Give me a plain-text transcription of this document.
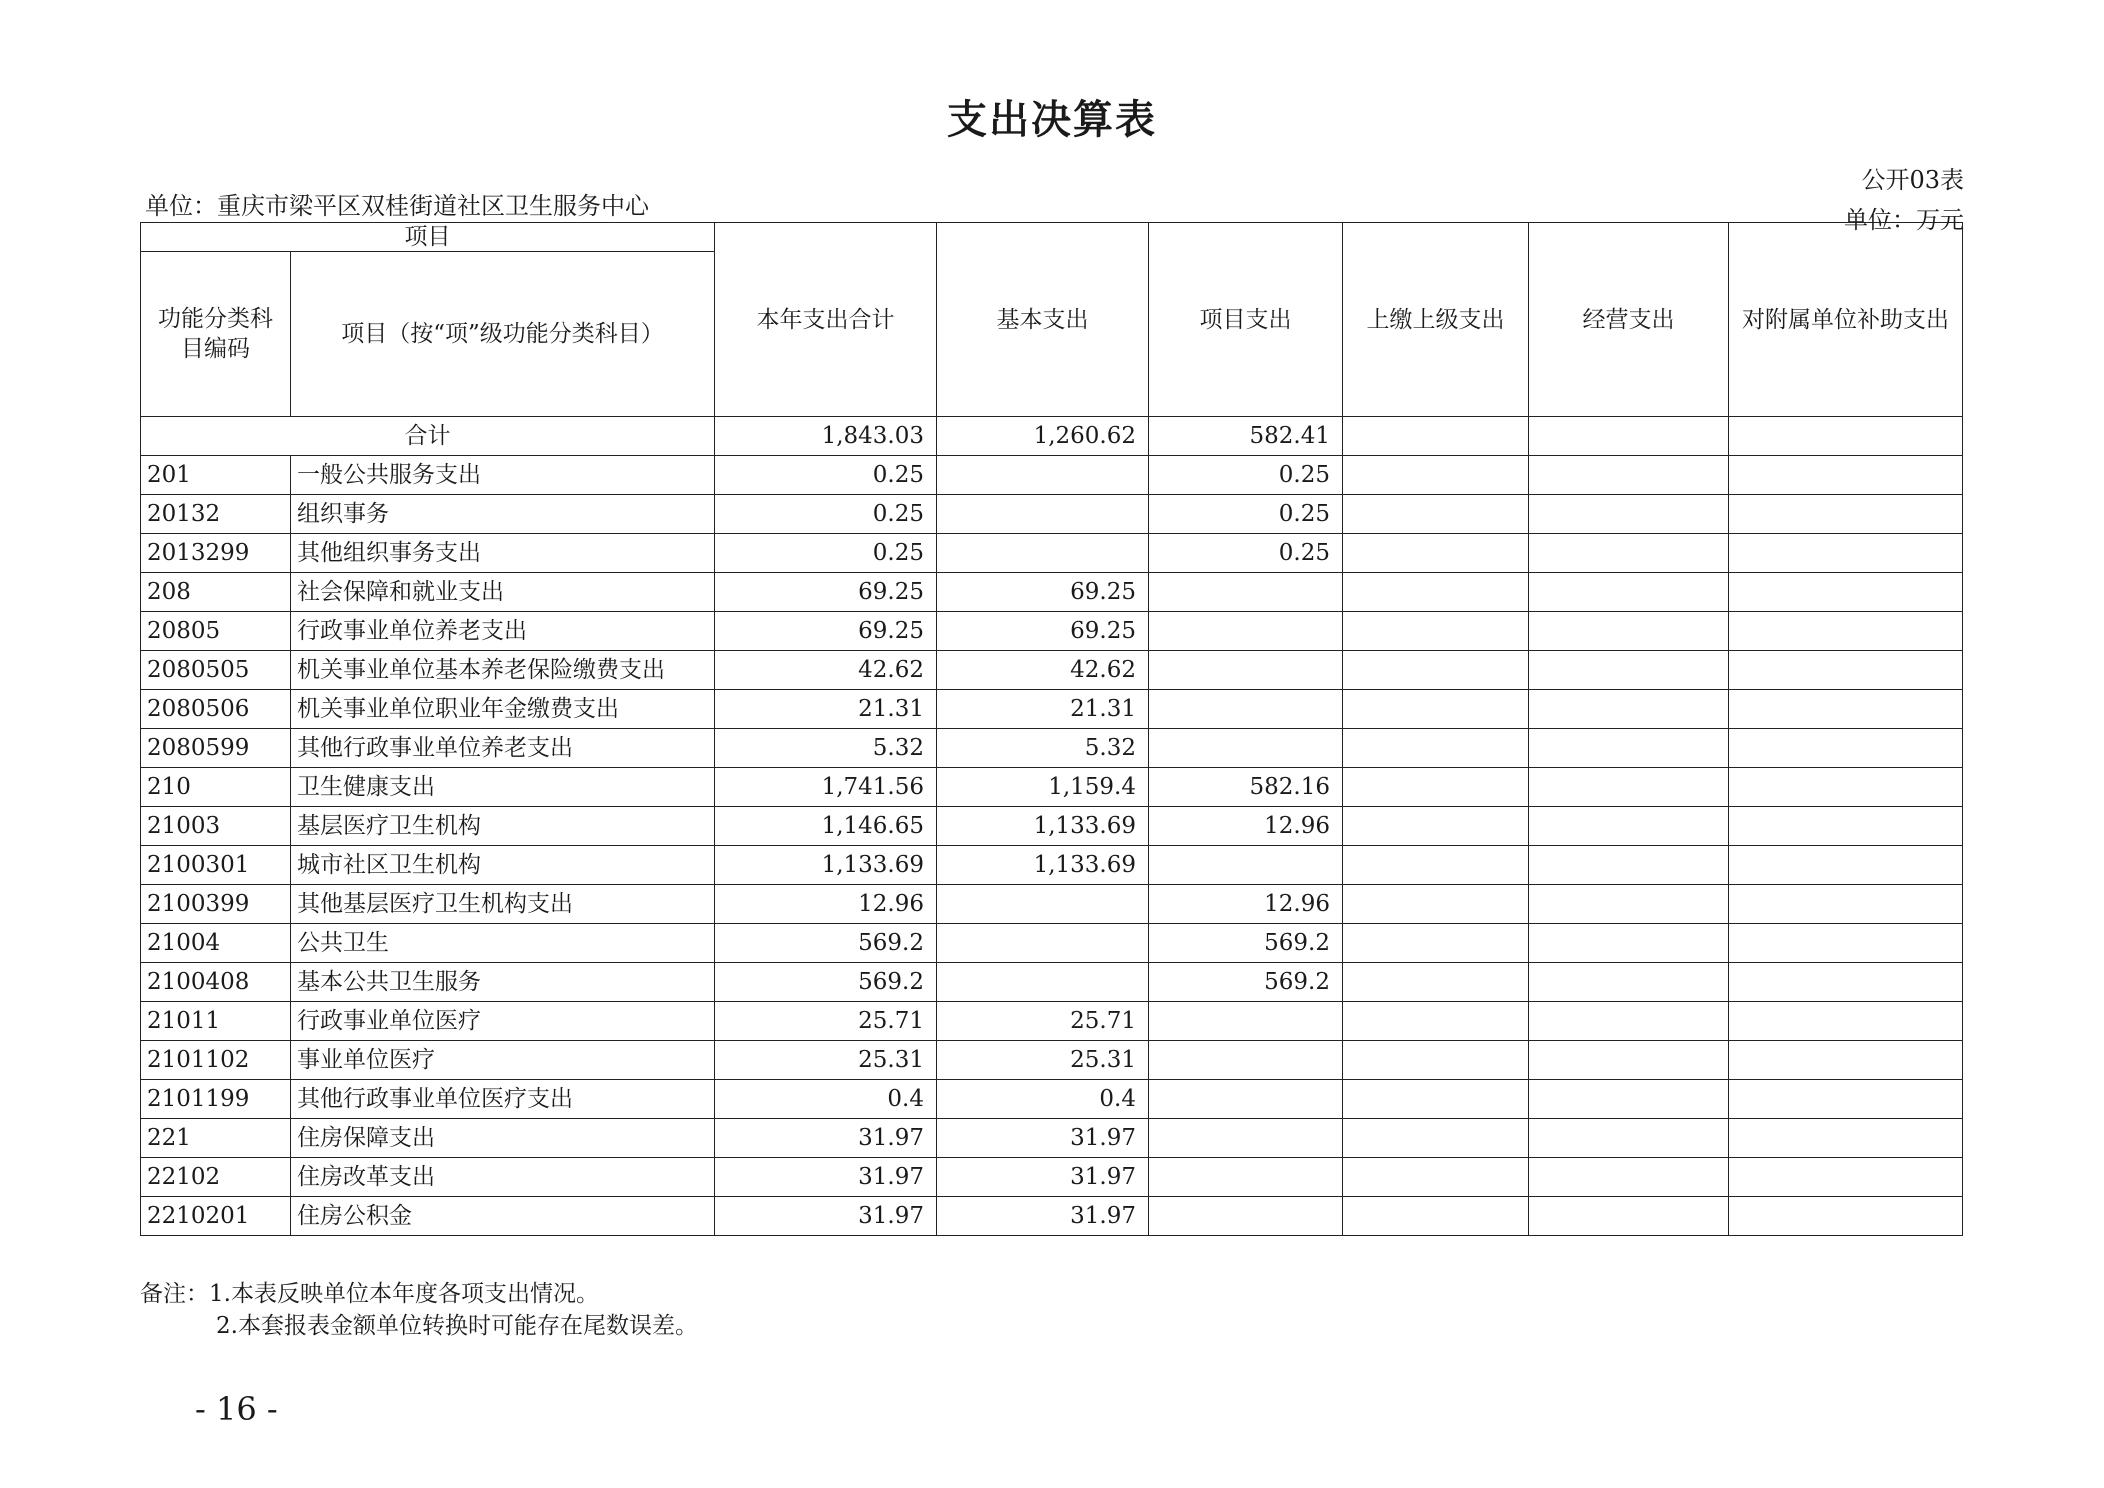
支出决算表
公开03表
单位：万元
单位：重庆市梁平区双桂街道社区卫生服务中心
项目		本年支出合计	基本支出	项目支出	上缴上级支出	经营支出	对附属单位补助支出
功能分类科目编码	项目（按“项”级功能分类科目）						
合计		1,843.03	1,260.62	582.41			
201	一般公共服务支出	0.25		0.25			
20132	组织事务	0.25		0.25			
2013299	其他组织事务支出	0.25		0.25			
208	社会保障和就业支出	69.25	69.25				
20805	行政事业单位养老支出	69.25	69.25				
2080505	机关事业单位基本养老保险缴费支出	42.62	42.62				
2080506	机关事业单位职业年金缴费支出	21.31	21.31				
2080599	其他行政事业单位养老支出	5.32	5.32				
210	卫生健康支出	1,741.56	1,159.4	582.16			
21003	基层医疗卫生机构	1,146.65	1,133.69	12.96			
2100301	城市社区卫生机构	1,133.69	1,133.69				
2100399	其他基层医疗卫生机构支出	12.96		12.96			
21004	公共卫生	569.2		569.2			
2100408	基本公共卫生服务	569.2		569.2			
21011	行政事业单位医疗	25.71	25.71				
2101102	事业单位医疗	25.31	25.31				
2101199	其他行政事业单位医疗支出	0.4	0.4				
221	住房保障支出	31.97	31.97				
22102	住房改革支出	31.97	31.97				
2210201	住房公积金	31.97	31.97				
备注：1.本表反映单位本年度各项支出情况。
2.本套报表金额单位转换时可能存在尾数误差。
- 16 -
